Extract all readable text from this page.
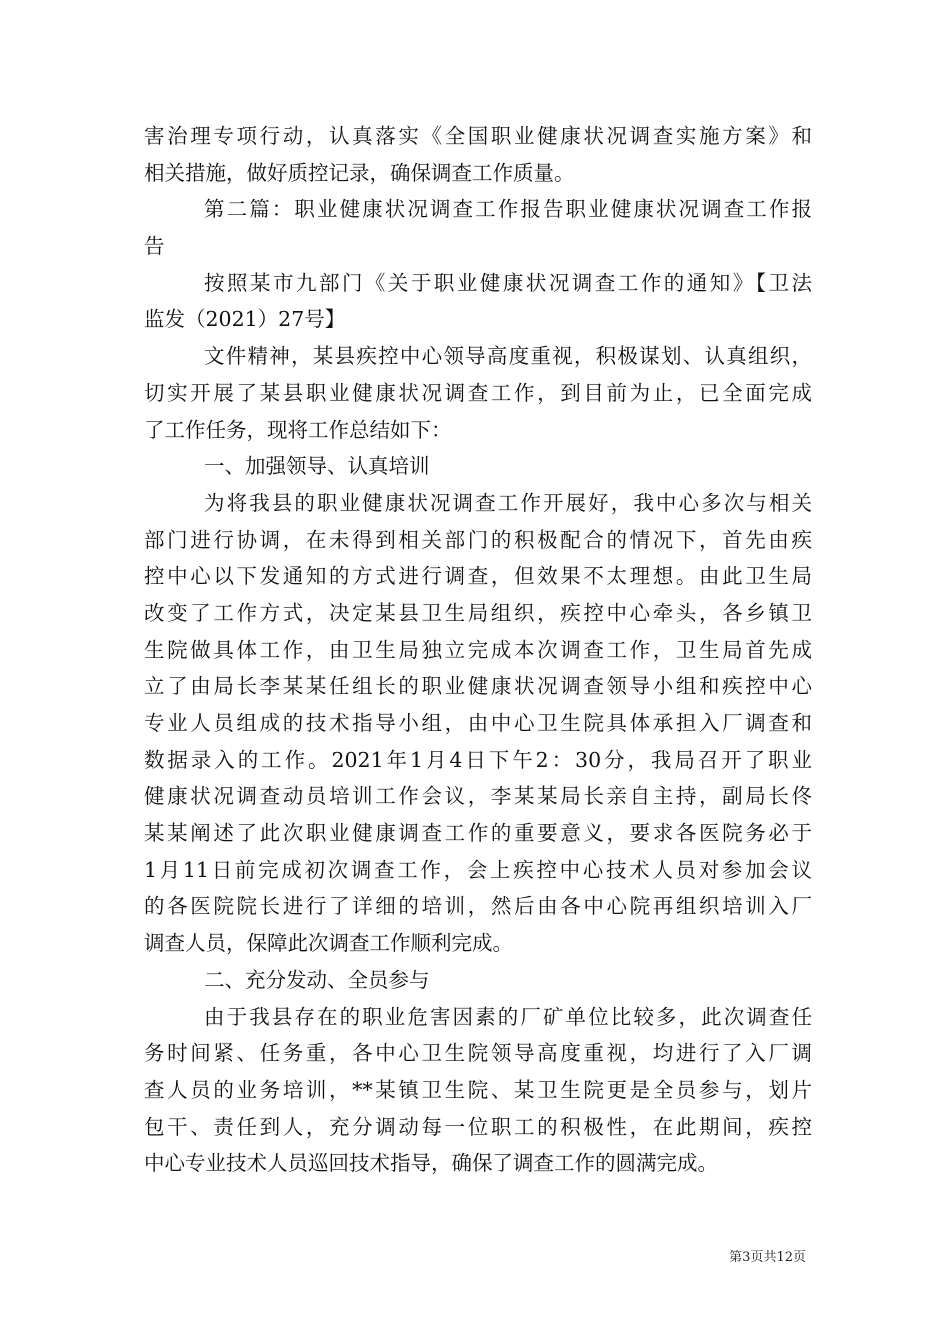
害治理专项行动，认真落实《全国职业健康状况调查实施方案》和
相关措施，做好质控记录，确保调查工作质量。
第二篇：职业健康状况调查工作报告职业健康状况调查工作报
告
按照某市九部门《关于职业健康状况调查工作的通知》【卫法
监发（2021）27号】
文件精神，某县疾控中心领导高度重视，积极谋划、认真组织，
切实开展了某县职业健康状况调查工作，到目前为止，已全面完成
了工作任务，现将工作总结如下：
一、加强领导、认真培训
为将我县的职业健康状况调查工作开展好，我中心多次与相关
部门进行协调，在未得到相关部门的积极配合的情况下，首先由疾
控中心以下发通知的方式进行调查，但效果不太理想。由此卫生局
改变了工作方式，决定某县卫生局组织，疾控中心牵头，各乡镇卫
生院做具体工作，由卫生局独立完成本次调查工作，卫生局首先成
立了由局长李某某任组长的职业健康状况调查领导小组和疾控中心
专业人员组成的技术指导小组，由中心卫生院具体承担入厂调查和
数据录入的工作。2021年1月4日下午2：30分，我局召开了职业
健康状况调查动员培训工作会议，李某某局长亲自主持，副局长佟
某某阐述了此次职业健康调查工作的重要意义，要求各医院务必于
1月11日前完成初次调查工作，会上疾控中心技术人员对参加会议
的各医院院长进行了详细的培训，然后由各中心院再组织培训入厂
调查人员，保障此次调查工作顺利完成。
二、充分发动、全员参与
由于我县存在的职业危害因素的厂矿单位比较多，此次调查任
务时间紧、任务重，各中心卫生院领导高度重视，均进行了入厂调
查人员的业务培训，**某镇卫生院、某卫生院更是全员参与，划片
包干、责任到人，充分调动每一位职工的积极性，在此期间，疾控
中心专业技术人员巡回技术指导，确保了调查工作的圆满完成。
第3页共12页
